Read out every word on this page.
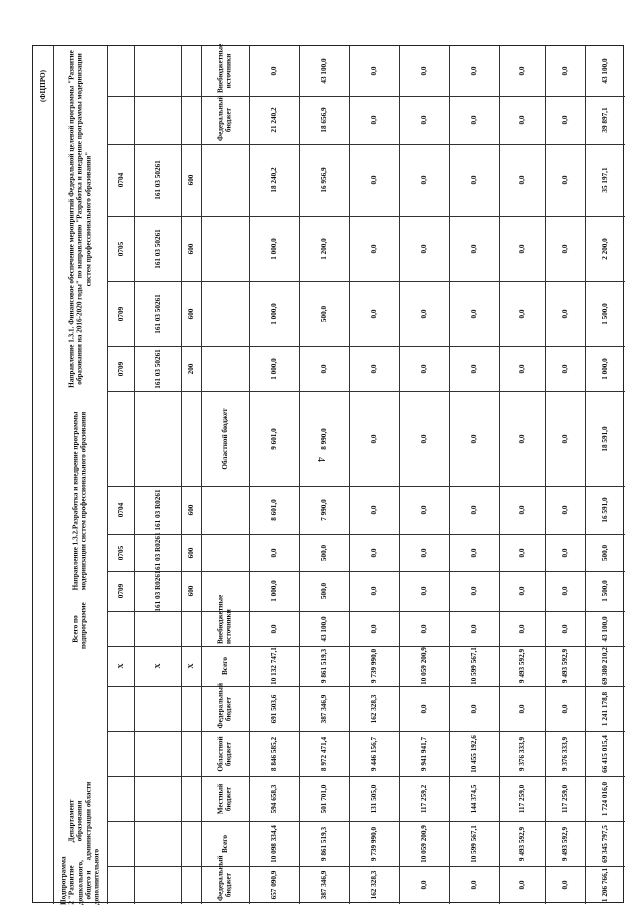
4
(ФЦПРО)	Направление 1.3.1. Финансовое обеспечение мероприятий Федеральной целевой программы "Развитие образования на 2016-2020 годы" по направлению "Разработка и внедрение программы модернизации систем профессионального образования"
Направление 1.3.2.Разработка и внедрение программы модернизации систем профессионального образования
Всего по подпрограмме
Департамент образования администрации области
Подпрограмма 2 "Развитие дошкольного, общего и дополнительного
Внебюджетные источники	0,0	43 100,0	0,0	0,0	0,0	0,0	0,0	43 100,0
Федеральный бюджет	21 240,2	18 656,9	0,0	0,0	0,0	0,0	0,0	39 897,1
0704	161 03 50261	600	18 240,2	16 956,9	0,0	0,0	0,0	0,0	0,0	35 197,1
0705	161 03 50261	600	1 000,0	1 200,0	0,0	0,0	0,0	0,0	0,0	2 200,0
0709	161 03 50261	600	1 000,0	500,0	0,0	0,0	0,0	0,0	0,0	1 500,0
0709	161 03 50261	200	1 000,0	0,0	0,0	0,0	0,0	0,0	0,0	1 000,0
Областной бюджет	9 601,0	8 990,0	0,0	0,0	0,0	0,0	0,0	18 591,0
0704	161 03 R0261	600	8 601,0	7 990,0	0,0	0,0	0,0	0,0	0,0	16 591,0
0705	161 03 R0261	600	0,0	500,0	0,0	0,0	0,0	0,0	0,0	500,0
0709	161 03 R0261	600	1 000,0	500,0	0,0	0,0	0,0	0,0	0,0	1 500,0
Внебюджетные источники	0,0	43 100,0	0,0	0,0	0,0	0,0	0,0	43 100,0
X	X	X	Всего	10 132 747,1	9 861 519,3	9 739 990,0	10 059 200,9	10 599 567,1	9 493 592,9	9 493 592,9	69 380 210,2
Федеральный бюджет	691 503,6	387 346,9	162 328,3	0,0	0,0	0,0	0,0	1 241 178,8
Областной бюджет	8 846 585,2	8 972 471,4	9 446 156,7	9 941 941,7	10 455 192,6	9 376 333,9	9 376 333,9	66 415 015,4
Местный бюджет	594 658,3	501 701,0	131 505,0	117 259,2	144 374,5	117 259,0	117 259,0	1 724 016,0
Всего	10 098 334,4	9 861 519,3	9 739 990,0	10 059 200,9	10 599 567,1	9 493 592,9	9 493 592,9	69 345 797,5
Федеральный бюджет	657 090,9	387 346,9	162 328,3	0,0	0,0	0,0	0,0	1 206 766,1
